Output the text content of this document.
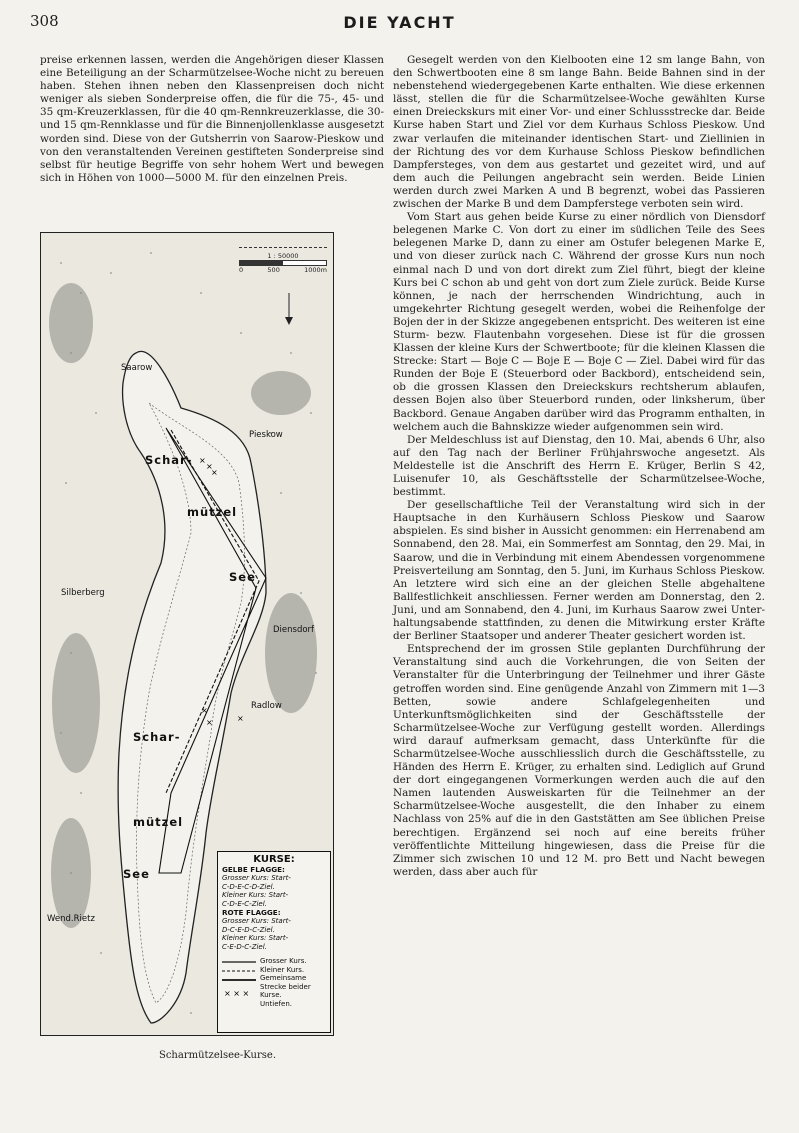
308	DIE YACHT

preise erkennen lassen, werden die Angehörigen dieser Klassen eine Beteiligung an der Scharmützelsee-Woche nicht zu bereuen haben. Stehen ihnen neben den Klassenpreisen doch nicht weniger als sieben Sonderpreise offen, die für die 75-, 45- und 35 qm-Kreuzerklassen, für die 40 qm-Rennkreuzerklasse, die 30- und 15 qm-Rennklasse und für die Binnenjollenklasse ausgesetzt worden sind. Diese von der Gutsherrin von Saarow-Pieskow und von den veranstaltenden Vereinen gestifteten Sonderpreise sind selbst für heutige Begriffe von sehr hohem Wert und bewegen sich in Höhen von 1000—5000 M. für den einzelnen Preis.

×
×
×
×
×	×
1 : 50000
0	500	1000m
Schar-
mützel
See
Schar-
mützel
See
Saarow
Pieskow
Silberberg
Diensdorf
Radlow
Wend.Rietz
KURSE:
GELBE FLAGGE:
Grosser Kurs: Start-
C-D-E-C-D-Ziel.
Kleiner Kurs: Start-
C-D-E-C-Ziel.
ROTE FLAGGE:
Grosser Kurs: Start-
D-C-E-D-C-Ziel.
Kleiner Kurs: Start-
C-E-D-C-Ziel.
× × ×
Grosser Kurs.
Kleiner Kurs.
Gemeinsame Strecke beider Kurse.
Untiefen.
Scharmützelsee-Kurse.

Gesegelt werden von den Kielbooten eine 12 sm lange Bahn, von den Schwertbooten eine 8 sm lange Bahn. Beide Bahnen sind in der nebenstehend wiedergegebenen Karte enthalten. Wie diese erkennen lässt, stellen die für die Scharmützelsee-Woche gewählten Kurse einen Dreieckskurs mit einer Vor- und einer Schlussstrecke dar. Beide Kurse haben Start und Ziel vor dem Kurhaus Schloss Pieskow. Und zwar verlaufen die miteinander identischen Start- und Ziellinien in der Richtung des vor dem Kurhause Schloss Pieskow befindlichen Dampfersteges, von dem aus gestartet und gezeitet wird, und auf dem auch die Peilungen angebracht sein werden. Beide Linien werden durch zwei Marken A und B begrenzt, wobei das Passieren zwischen der Marke B und dem Dampferstege verboten sein wird.

Vom Start aus gehen beide Kurse zu einer nördlich von Diensdorf belegenen Marke C. Von dort zu einer im südlichen Teile des Sees belegenen Marke D, dann zu einer am Ostufer belegenen Marke E, und von dieser zurück nach C. Während der grosse Kurs nun noch einmal nach D und von dort direkt zum Ziel führt, biegt der kleine Kurs bei C schon ab und geht von dort zum Ziele zurück. Beide Kurse können, je nach der herrschenden Windrichtung, auch in umgekehrter Richtung gesegelt werden, wobei die Reihenfolge der Bojen der in der Skizze angegebenen entspricht. Des weiteren ist eine Sturm- bezw. Flautenbahn vorgesehen. Diese ist für die grossen Klassen der kleine Kurs der Schwertboote; für die kleinen Klassen die Strecke: Start — Boje C — Boje E — Boje C — Ziel. Dabei wird für das Runden der Boje E (Steuerbord oder Backbord), entscheidend sein, ob die grossen Klassen den Dreieckskurs rechtsherum ablaufen, dessen Bojen also über Steuerbord runden, oder linksherum, über Backbord. Genaue Angaben darüber wird das Programm enthalten, in welchem auch die Bahnskizze wieder aufgenommen sein wird.

Der Meldeschluss ist auf Dienstag, den 10. Mai, abends 6 Uhr, also auf den Tag nach der Berliner Frühjahrswoche angesetzt. Als Meldestelle ist die Anschrift des Herrn E. Krüger, Berlin S 42, Luisenufer 10, als Geschäftsstelle der Scharmützelsee-Woche, bestimmt.

Der gesellschaftliche Teil der Veranstaltung wird sich in der Hauptsache in den Kurhäusern Schloss Pieskow und Saarow abspielen. Es sind bisher in Aussicht genommen: ein Herrenabend am Sonnabend, den 28. Mai, ein Sommerfest am Sonntag, den 29. Mai, in Saarow, und die in Verbindung mit einem Abendessen vorgenommene Preisverteilung am Sonntag, den 5. Juni, im Kurhaus Schloss Pieskow. An letztere wird sich eine an der gleichen Stelle abgehaltene Ballfestlichkeit anschliessen. Ferner werden am Donnerstag, den 2. Juni, und am Sonnabend, den 4. Juni, im Kurhaus Saarow zwei Unterhaltungsabende stattfinden, zu denen die Mitwirkung erster Kräfte der Berliner Staatsoper und anderer Theater gesichert worden ist.

Entsprechend der im grossen Stile geplanten Durchführung der Veranstaltung sind auch die Vorkehrungen, die von Seiten der Veranstalter für die Unterbringung der Teilnehmer und ihrer Gäste getroffen worden sind. Eine genügende Anzahl von Zimmern mit 1—3 Betten, sowie andere Schlafgelegenheiten und Unterkunftsmöglichkeiten sind der Geschäftsstelle der Scharmützelsee-Woche zur Verfügung gestellt worden. Allerdings wird darauf aufmerksam gemacht, dass Unterkünfte für die Scharmützelsee-Woche ausschliesslich durch die Geschäftsstelle, zu Händen des Herrn E. Krüger, zu erhalten sind. Lediglich auf Grund der dort eingegangenen Vormerkungen werden auch die auf den Namen lautenden Ausweiskarten für die Teilnehmer an der Scharmützelsee-Woche ausgestellt, die den Inhaber zu einem Nachlass von 25% auf die in den Gaststätten am See üblichen Preise berechtigen. Ergänzend sei noch auf eine bereits früher veröffentlichte Mitteilung hingewiesen, dass die Preise für die Zimmer sich zwischen 10 und 12 M. pro Bett und Nacht bewegen werden, dass aber auch für
